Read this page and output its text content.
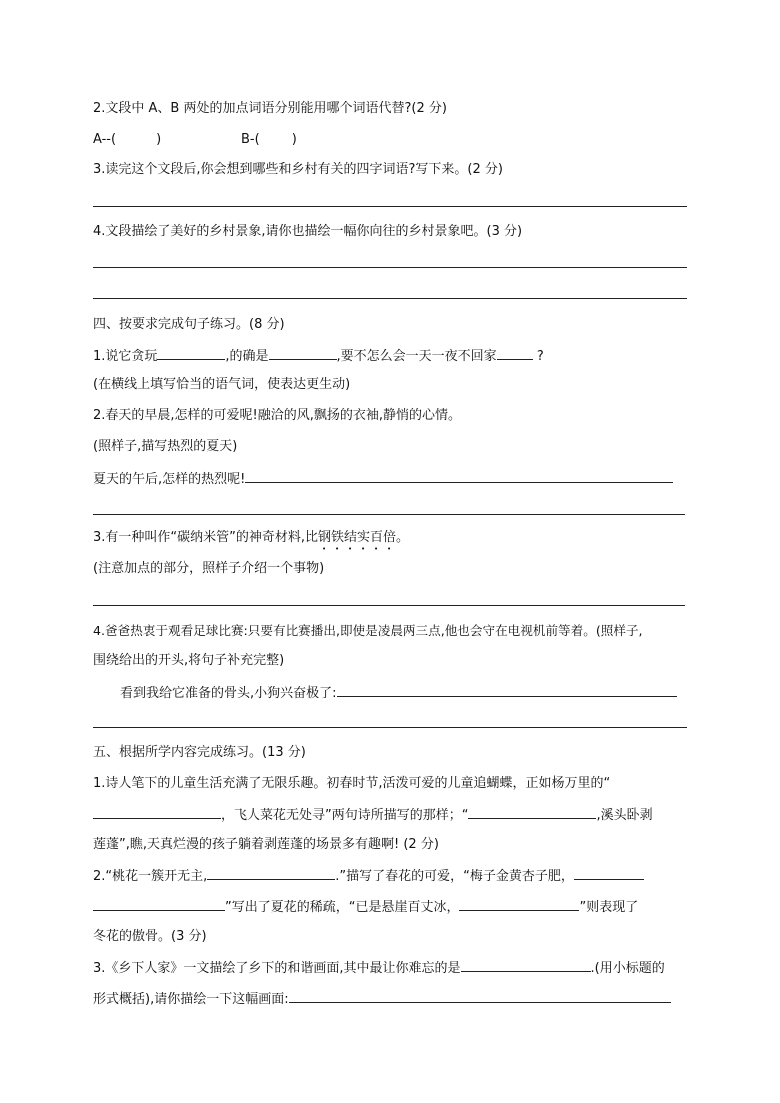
2.文段中 A、B 两处的加点词语分别能用哪个词语代替?(2 分)
A--(	)	B-( )
3.读完这个文段后,你会想到哪些和乡村有关的四字词语?写下来。(2 分)
4.文段描绘了美好的乡村景象,请你也描绘一幅你向往的乡村景象吧。(3 分)
四、按要求完成句子练习。(8 分)
1.说它贪玩	,的确是	,要不怎么会一天一夜不回家	?
(在横线上填写恰当的语气词，使表达更生动)
2.春天的早晨,怎样的可爱呢!融洽的风,飘扬的衣袖,静悄的心情。
(照样子,描写热烈的夏天)
夏天的午后,怎样的热烈呢!
3.有一种叫作“碳纳米管”的神奇材料,比钢铁结实百倍。
(注意加点的部分，照样子介绍一个事物)
4.爸爸热衷于观看足球比赛:只要有比赛播出,即使是凌晨两三点,他也会守在电视机前等着。(照样子,
围绕给出的开头,将句子补充完整)
看到我给它准备的骨头,小狗兴奋极了:
五、根据所学内容完成练习。(13 分)
1.诗人笔下的儿童生活充满了无限乐趣。初春时节,活泼可爱的儿童追蝴蝶，正如杨万里的“
，飞人菜花无处寻”两句诗所描写的那样；“	,溪头卧剥
莲蓬”,瞧,天真烂漫的孩子躺着剥莲蓬的场景多有趣啊! (2 分)
2.“桃花一簇开无主,	.”描写了春花的可爱，“梅子金黄杏子肥，
”写出了夏花的稀疏，“已是悬崖百丈冰，	”则表现了
冬花的傲骨。(3 分)
3.《乡下人家》一文描绘了乡下的和谐画面,其中最让你难忘的是	.(用小标题的
形式概括),请你描绘一下这幅画面:
